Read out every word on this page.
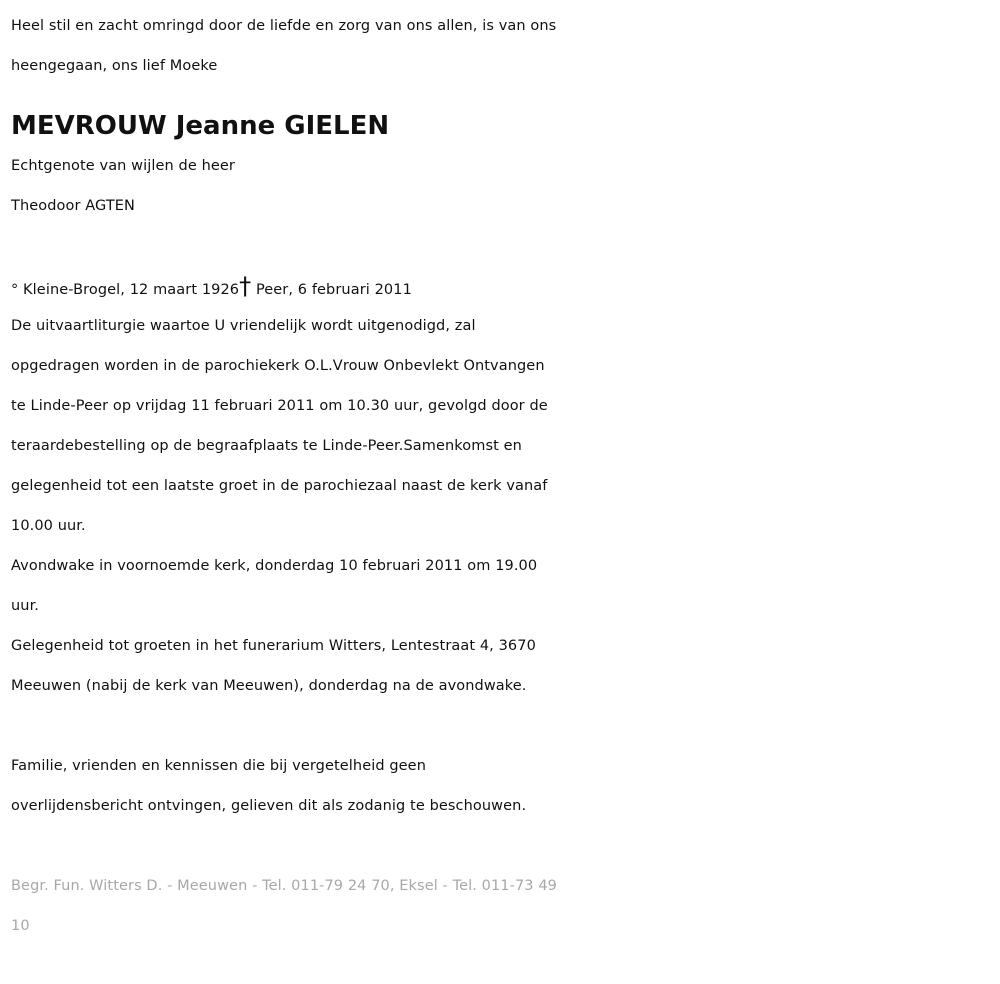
Heel stil en zacht omringd door de liefde en zorg van ons allen, is van ons
heengegaan, ons lief Moeke
MEVROUW Jeanne GIELEN
Echtgenote van wijlen de heer
Theodoor AGTEN
° Kleine-Brogel, 12 maart 1926† Peer, 6 februari 2011
De uitvaartliturgie waartoe U vriendelijk wordt uitgenodigd, zal
opgedragen worden in de parochiekerk O.L.Vrouw Onbevlekt Ontvangen
te Linde-Peer op vrijdag 11 februari 2011 om 10.30 uur, gevolgd door de
teraardebestelling op de begraafplaats te Linde-Peer.Samenkomst en
gelegenheid tot een laatste groet in de parochiezaal naast de kerk vanaf
10.00 uur.
Avondwake in voornoemde kerk, donderdag 10 februari 2011 om 19.00
uur.
Gelegenheid tot groeten in het funerarium Witters, Lentestraat 4, 3670
Meeuwen (nabij de kerk van Meeuwen), donderdag na de avondwake.
Familie, vrienden en kennissen die bij vergetelheid geen
overlijdensbericht ontvingen, gelieven dit als zodanig te beschouwen.
Begr. Fun. Witters D. - Meeuwen - Tel. 011-79 24 70, Eksel - Tel. 011-73 49
10
